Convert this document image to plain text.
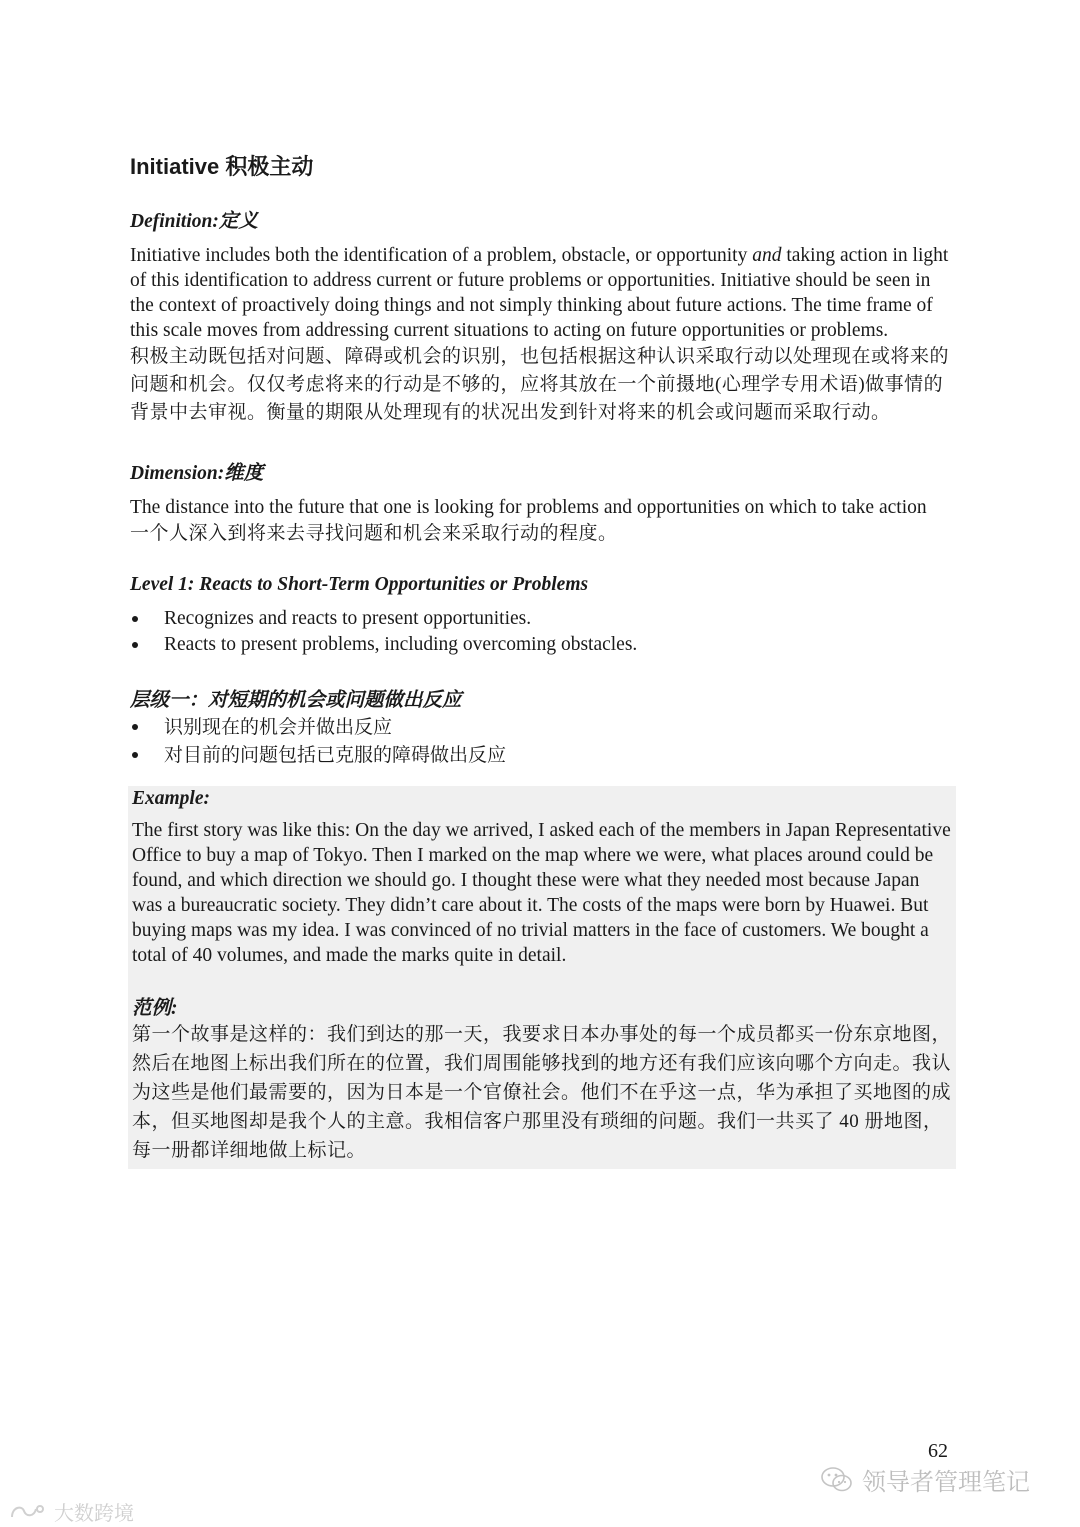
Initiative 积极主动
Definition:定义

Initiative includes both the identification of a problem, obstacle, or opportunity and taking action in light of this identification to address current or future problems or opportunities. Initiative should be seen in the context of proactively doing things and not simply thinking about future actions. The time frame of this scale moves from addressing current situations to acting on future opportunities or problems.

积极主动既包括对问题、障碍或机会的识别，也包括根据这种认识采取行动以处理现在或将来的问题和机会。仅仅考虑将来的行动是不够的，应将其放在一个前摄地(心理学专用术语)做事情的背景中去审视。衡量的期限从处理现有的状况出发到针对将来的机会或问题而采取行动。

Dimension:维度

The distance into the future that one is looking for problems and opportunities on which to take action

一个人深入到将来去寻找问题和机会来采取行动的程度。

Level 1: Reacts to Short-Term Opportunities or Problems
Recognizes and reacts to present opportunities.
Reacts to present problems, including overcoming obstacles.
层级一：对短期的机会或问题做出反应
识别现在的机会并做出反应
对目前的问题包括已克服的障碍做出反应
Example:

The first story was like this: On the day we arrived, I asked each of the members in Japan Representative Office to buy a map of Tokyo. Then I marked on the map where we were, what places around could be found, and which direction we should go. I thought these were what they needed most because Japan was a bureaucratic society. They didn’t care about it. The costs of the maps were born by Huawei. But buying maps was my idea. I was convinced of no trivial matters in the face of customers. We bought a total of 40 volumes, and made the marks quite in detail.

范例:

第一个故事是这样的：我们到达的那一天，我要求日本办事处的每一个成员都买一份东京地图，然后在地图上标出我们所在的位置，我们周围能够找到的地方还有我们应该向哪个方向走。我认为这些是他们最需要的，因为日本是一个官僚社会。他们不在乎这一点，华为承担了买地图的成本，但买地图却是我个人的主意。我相信客户那里没有琐细的问题。我们一共买了 40 册地图，每一册都详细地做上标记。

62
领导者管理笔记
大数跨境
